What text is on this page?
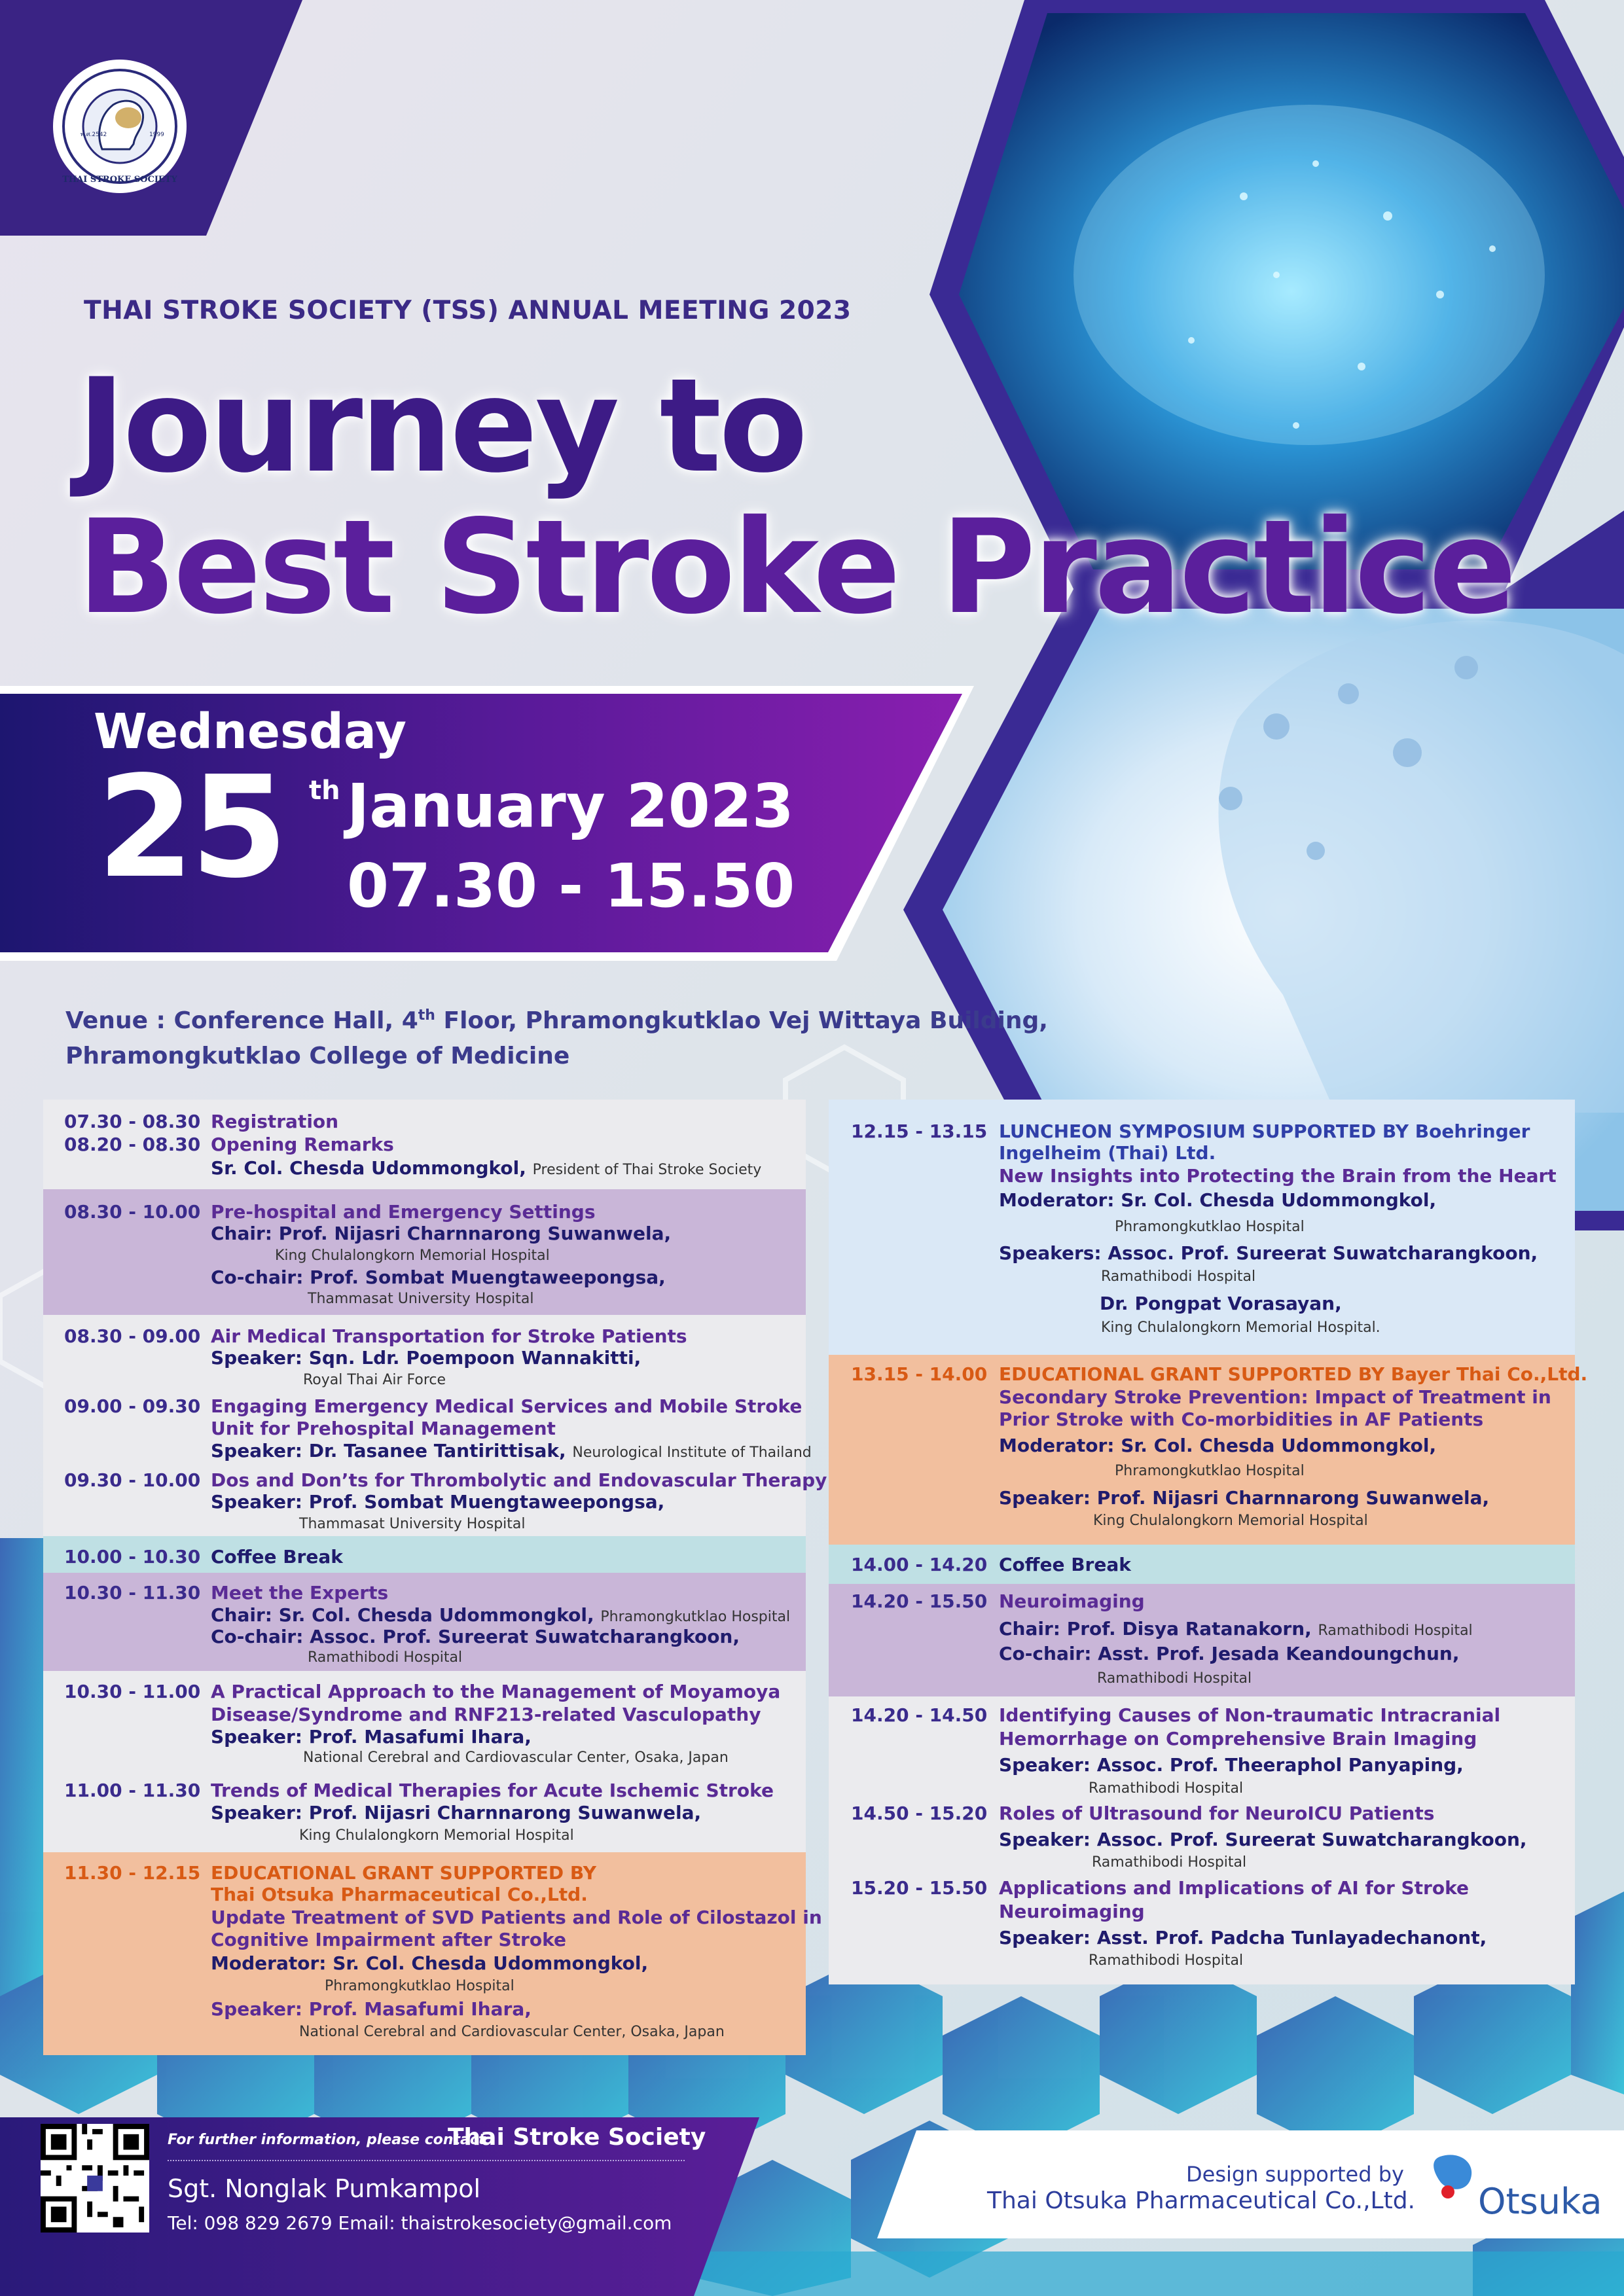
THAI STROKE SOCIETY
พ.ศ.2542	1999
THAI STROKE SOCIETY (TSS) ANNUAL MEETING 2023
Journey to
Best Stroke Practice
Wednesday
25 th January 2023
07.30 - 15.50
Venue : Conference Hall, 4th Floor, Phramongkutklao Vej Wittaya Building,
Phramongkutklao College of Medicine
07.30 - 08.30 Registration
08.20 - 08.30 Opening Remarks
Sr. Col. Chesda Udommongkol, President of Thai Stroke Society
08.30 - 10.00 Pre-hospital and Emergency Settings
Chair: Prof. Nijasri Charnnarong Suwanwela,
King Chulalongkorn Memorial Hospital
Co-chair: Prof. Sombat Muengtaweepongsa,
Thammasat University Hospital
08.30 - 09.00 Air Medical Transportation for Stroke Patients
Speaker: Sqn. Ldr. Poempoon Wannakitti,
Royal Thai Air Force
09.00 - 09.30 Engaging Emergency Medical Services and Mobile Stroke
Unit for Prehospital Management
Speaker: Dr. Tasanee Tantirittisak, Neurological Institute of Thailand
09.30 - 10.00 Dos and Don’ts for Thrombolytic and Endovascular Therapy
Speaker: Prof. Sombat Muengtaweepongsa,
Thammasat University Hospital
10.00 - 10.30 Coffee Break
10.30 - 11.30 Meet the Experts
Chair: Sr. Col. Chesda Udommongkol, Phramongkutklao Hospital
Co-chair: Assoc. Prof. Sureerat Suwatcharangkoon,
Ramathibodi Hospital
10.30 - 11.00 A Practical Approach to the Management of Moyamoya
Disease/Syndrome and RNF213-related Vasculopathy
Speaker: Prof. Masafumi Ihara,
National Cerebral and Cardiovascular Center, Osaka, Japan
11.00 - 11.30 Trends of Medical Therapies for Acute Ischemic Stroke
Speaker: Prof. Nijasri Charnnarong Suwanwela,
King Chulalongkorn Memorial Hospital
11.30 - 12.15 EDUCATIONAL GRANT SUPPORTED BY
Thai Otsuka Pharmaceutical Co.,Ltd.
Update Treatment of SVD Patients and Role of Cilostazol in
Cognitive Impairment after Stroke
Moderator: Sr. Col. Chesda Udommongkol,
Phramongkutklao Hospital
Speaker: Prof. Masafumi Ihara,
National Cerebral and Cardiovascular Center, Osaka, Japan
12.15 - 13.15 LUNCHEON SYMPOSIUM SUPPORTED BY Boehringer
Ingelheim (Thai) Ltd.
New Insights into Protecting the Brain from the Heart
Moderator: Sr. Col. Chesda Udommongkol,
Phramongkutklao Hospital
Speakers: Assoc. Prof. Sureerat Suwatcharangkoon,
Ramathibodi Hospital
Dr. Pongpat Vorasayan,
King Chulalongkorn Memorial Hospital.
13.15 - 14.00 EDUCATIONAL GRANT SUPPORTED BY Bayer Thai Co.,Ltd.
Secondary Stroke Prevention: Impact of Treatment in
Prior Stroke with Co-morbidities in AF Patients
Moderator: Sr. Col. Chesda Udommongkol,
Phramongkutklao Hospital
Speaker: Prof. Nijasri Charnnarong Suwanwela,
King Chulalongkorn Memorial Hospital
14.00 - 14.20 Coffee Break
14.20 - 15.50 Neuroimaging
Chair: Prof. Disya Ratanakorn, Ramathibodi Hospital
Co-chair: Asst. Prof. Jesada Keandoungchun,
Ramathibodi Hospital
14.20 - 14.50 Identifying Causes of Non-traumatic Intracranial
Hemorrhage on Comprehensive Brain Imaging
Speaker: Assoc. Prof. Theeraphol Panyaping,
Ramathibodi Hospital
14.50 - 15.20 Roles of Ultrasound for NeuroICU Patients
Speaker: Assoc. Prof. Sureerat Suwatcharangkoon,
Ramathibodi Hospital
15.20 - 15.50 Applications and Implications of AI for Stroke
Neuroimaging
Speaker: Asst. Prof. Padcha Tunlayadechanont,
Ramathibodi Hospital
For further information, please contact
Thai Stroke Society
Sgt. Nonglak Pumkampol
Tel: 098 829 2679 Email: thaistrokesociety@gmail.com
Design supported by
Thai Otsuka Pharmaceutical Co.,Ltd. Otsuka
